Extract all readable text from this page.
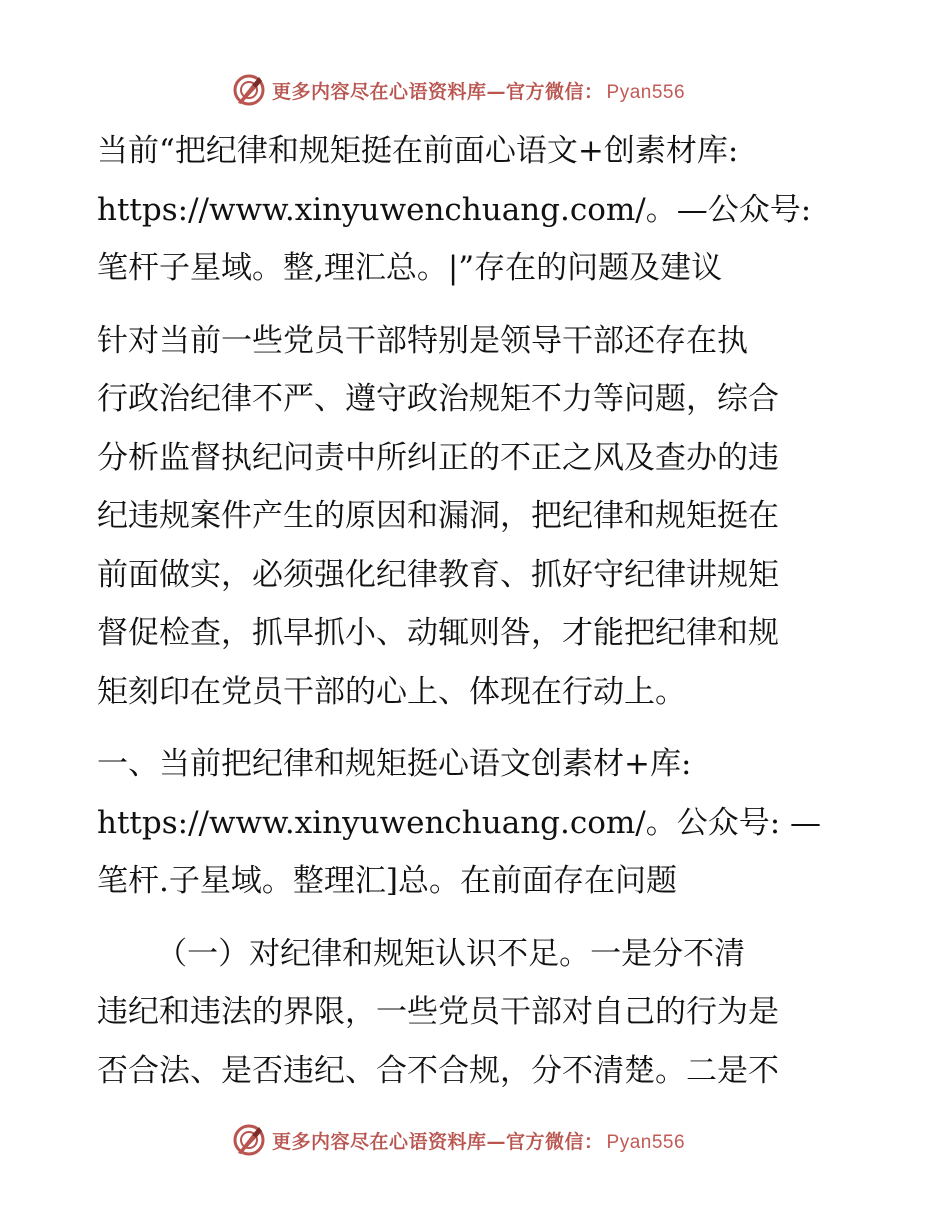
更多内容尽在心语资料库—官方微信： Pyan556

当前“把纪律和规矩挺在前面心语文+创素材库:

https://www.xinyuwenchuang.com/。—公众号:

笔杆子星域。整,理汇总。|”存在的问题及建议

针对当前一些党员干部特别是领导干部还存在执

行政治纪律不严、遵守政治规矩不力等问题，综合

分析监督执纪问责中所纠正的不正之风及查办的违

纪违规案件产生的原因和漏洞，把纪律和规矩挺在

前面做实，必须强化纪律教育、抓好守纪律讲规矩

督促检查，抓早抓小、动辄则咎，才能把纪律和规

矩刻印在党员干部的心上、体现在行动上。

一、当前把纪律和规矩挺心语文创素材+库:

https://www.xinyuwenchuang.com/。公众号: —

笔杆.子星域。整理汇]总。在前面存在问题

（一）对纪律和规矩认识不足。一是分不清

违纪和违法的界限，一些党员干部对自己的行为是

否合法、是否违纪、合不合规，分不清楚。二是不

更多内容尽在心语资料库—官方微信： Pyan556
